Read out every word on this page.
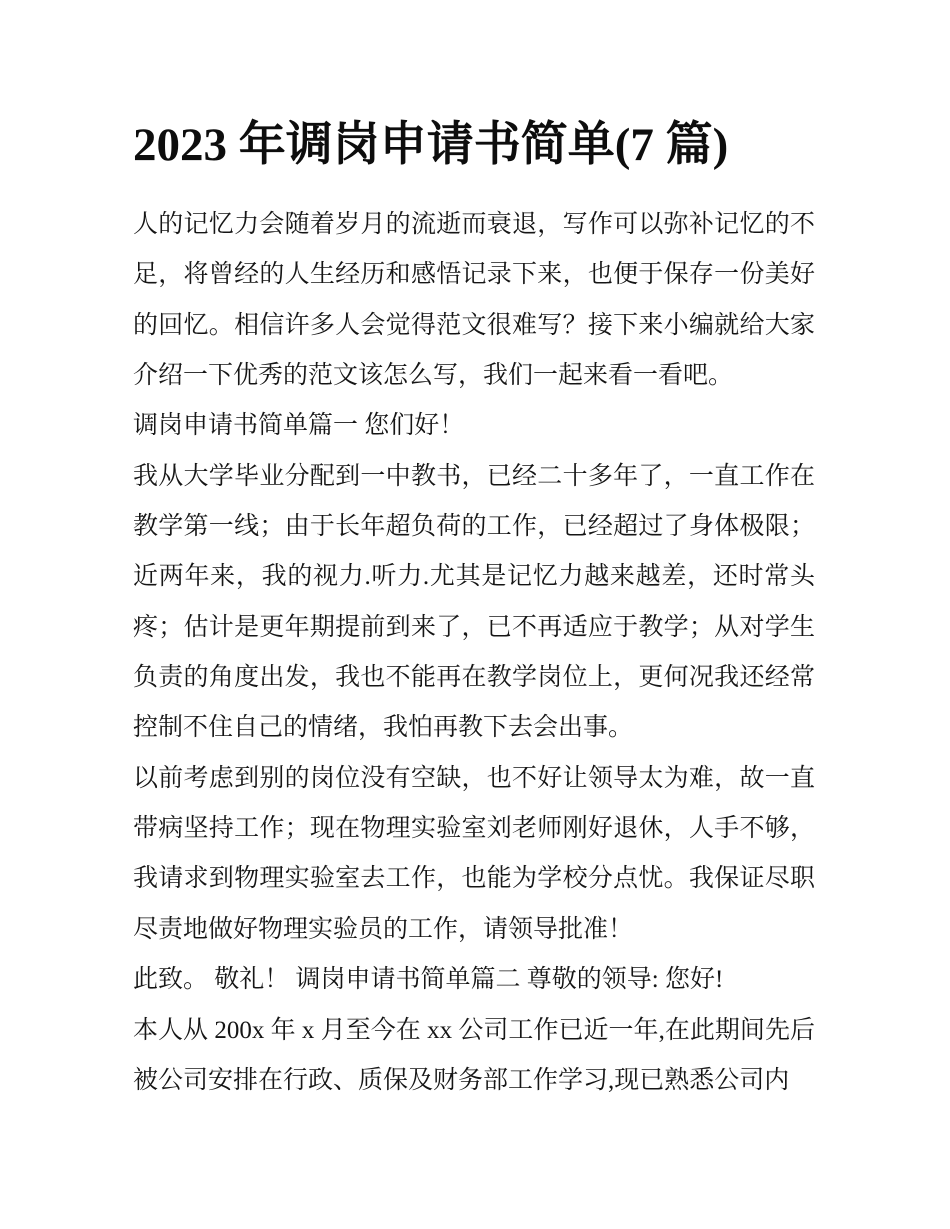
2023 年调岗申请书简单(7 篇)

人的记忆力会随着岁月的流逝而衰退，写作可以弥补记忆的不足，将曾经的人生经历和感悟记录下来，也便于保存一份美好的回忆。相信许多人会觉得范文很难写？接下来小编就给大家介绍一下优秀的范文该怎么写，我们一起来看一看吧。

调岗申请书简单篇一 您们好！

我从大学毕业分配到一中教书，已经二十多年了，一直工作在教学第一线；由于长年超负荷的工作，已经超过了身体极限；近两年来，我的视力.听力.尤其是记忆力越来越差，还时常头疼；估计是更年期提前到来了，已不再适应于教学；从对学生负责的角度出发，我也不能再在教学岗位上，更何况我还经常控制不住自己的情绪，我怕再教下去会出事。

以前考虑到别的岗位没有空缺，也不好让领导太为难，故一直带病坚持工作；现在物理实验室刘老师刚好退休，人手不够，我请求到物理实验室去工作，也能为学校分点忧。我保证尽职尽责地做好物理实验员的工作，请领导批准！

此致。 敬礼！ 调岗申请书简单篇二 尊敬的领导: 您好!

本人从 200x 年 x 月至今在 xx 公司工作已近一年,在此期间先后被公司安排在行政、质保及财务部工作学习,现已熟悉公司内
